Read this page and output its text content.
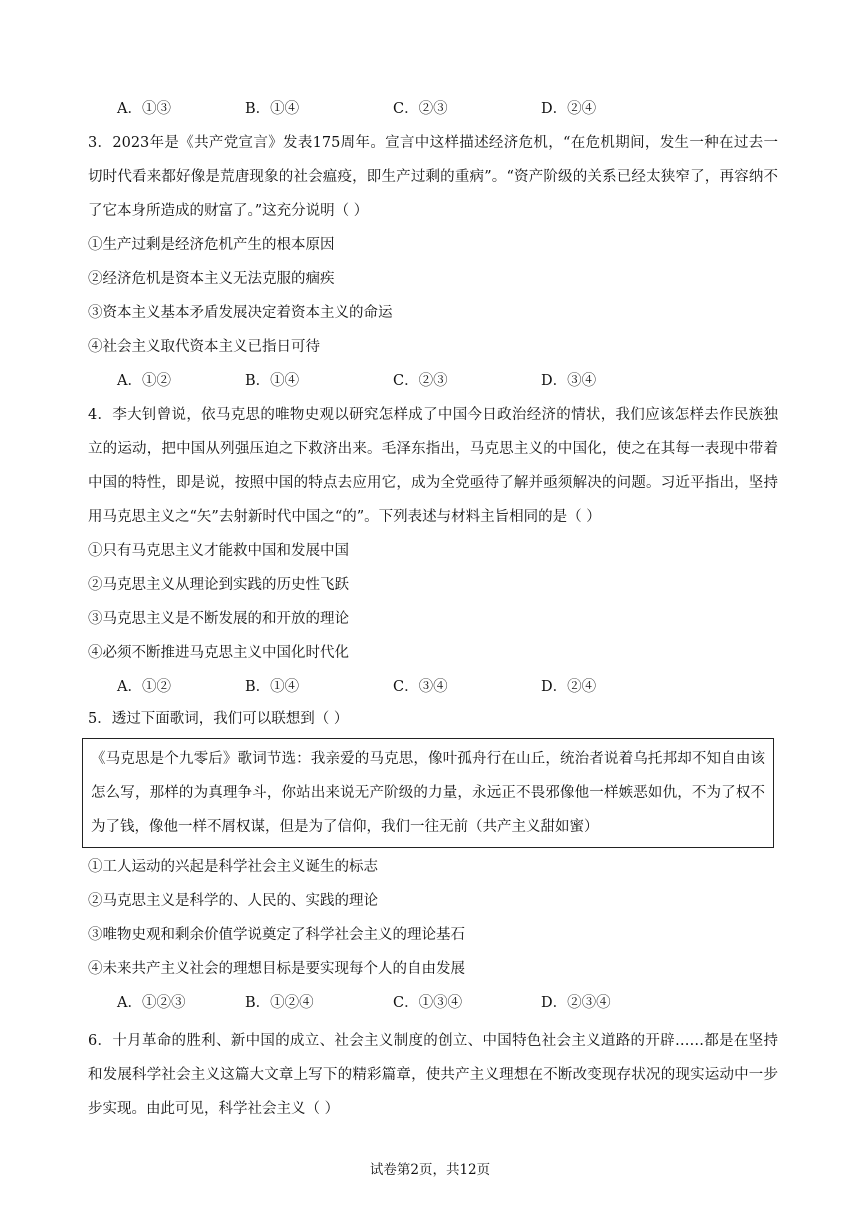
A．①③	B．①④	C．②③	D．②④
3．2023年是《共产党宣言》发表175周年。宣言中这样描述经济危机，“在危机期间，发生一种在过去一切时代看来都好像是荒唐现象的社会瘟疫，即生产过剩的重病”。“资产阶级的关系已经太狭窄了，再容纳不了它本身所造成的财富了。”这充分说明（ ）
①生产过剩是经济危机产生的根本原因
②经济危机是资本主义无法克服的痼疾
③资本主义基本矛盾发展决定着资本主义的命运
④社会主义取代资本主义已指日可待
A．①②	B．①④	C．②③	D．③④
4．李大钊曾说，依马克思的唯物史观以研究怎样成了中国今日政治经济的情状，我们应该怎样去作民族独立的运动，把中国从列强压迫之下救济出来。毛泽东指出，马克思主义的中国化，使之在其每一表现中带着中国的特性，即是说，按照中国的特点去应用它，成为全党亟待了解并亟须解决的问题。习近平指出，坚持用马克思主义之“矢”去射新时代中国之“的”。下列表述与材料主旨相同的是（ ）
①只有马克思主义才能救中国和发展中国
②马克思主义从理论到实践的历史性飞跃
③马克思主义是不断发展的和开放的理论
④必须不断推进马克思主义中国化时代化
A．①②	B．①④	C．③④	D．②④
5．透过下面歌词，我们可以联想到（ ）
《马克思是个九零后》歌词节选：我亲爱的马克思，像叶孤舟行在山丘，统治者说着乌托邦却不知自由该怎么写，那样的为真理争斗，你站出来说无产阶级的力量，永远正不畏邪像他一样嫉恶如仇，不为了权不为了钱，像他一样不屑权谋，但是为了信仰，我们一往无前（共产主义甜如蜜）
①工人运动的兴起是科学社会主义诞生的标志
②马克思主义是科学的、人民的、实践的理论
③唯物史观和剩余价值学说奠定了科学社会主义的理论基石
④未来共产主义社会的理想目标是要实现每个人的自由发展
A．①②③	B．①②④	C．①③④	D．②③④
6．十月革命的胜利、新中国的成立、社会主义制度的创立、中国特色社会主义道路的开辟……都是在坚持和发展科学社会主义这篇大文章上写下的精彩篇章，使共产主义理想在不断改变现存状况的现实运动中一步步实现。由此可见，科学社会主义（ ）
试卷第2页，共12页
